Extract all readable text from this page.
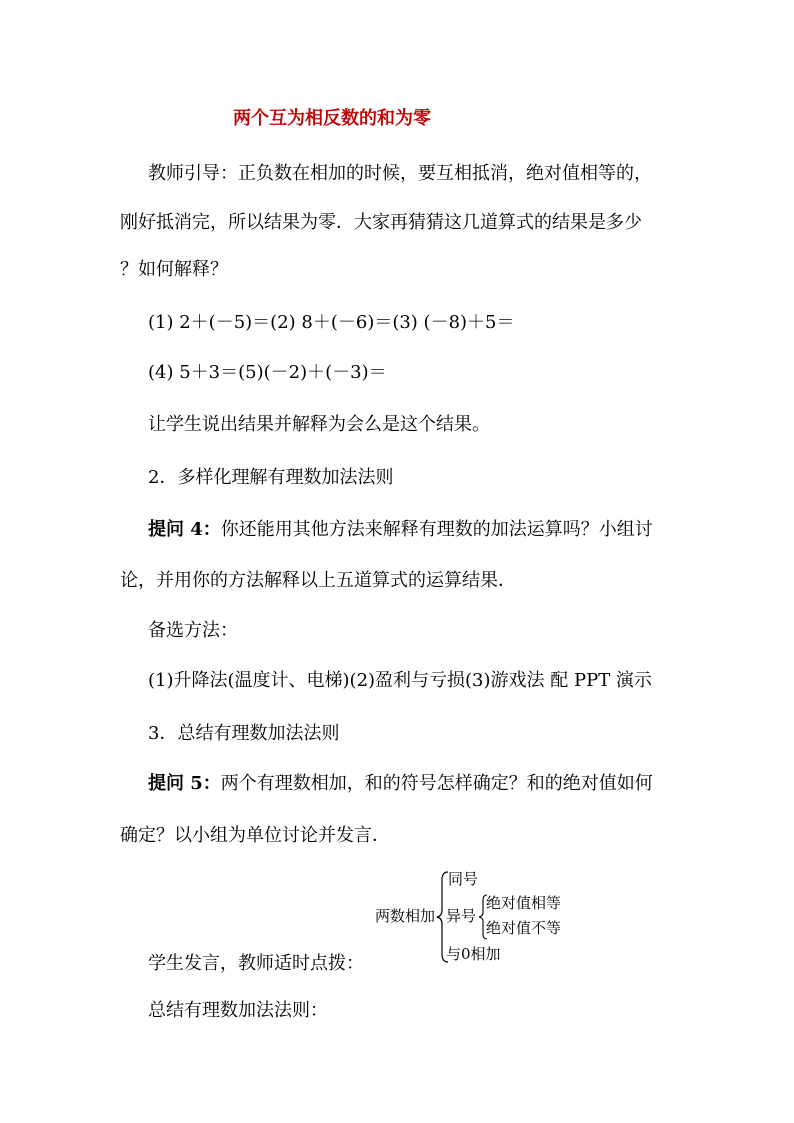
两个互为相反数的和为零
教师引导：正负数在相加的时候，要互相抵消，绝对值相等的，
刚好抵消完，所以结果为零．大家再猜猜这几道算式的结果是多少
？如何解释？
(1) 2＋(－5)＝(2) 8＋(－6)＝(3) (－8)＋5＝
(4) 5＋3＝(5)(－2)＋(－3)＝
让学生说出结果并解释为会么是这个结果。
2．多样化理解有理数加法法则
提问 4：你还能用其他方法来解释有理数的加法运算吗？小组讨
论，并用你的方法解释以上五道算式的运算结果．
备选方法：
(1)升降法(温度计、电梯)(2)盈利与亏损(3)游戏法 配 PPT 演示
3．总结有理数加法法则
提问 5：两个有理数相加，和的符号怎样确定？和的绝对值如何
确定？以小组为单位讨论并发言．
两数相加
同号
异号
绝对值相等
绝对值不等
与0相加
学生发言，教师适时点拨：
总结有理数加法法则：
